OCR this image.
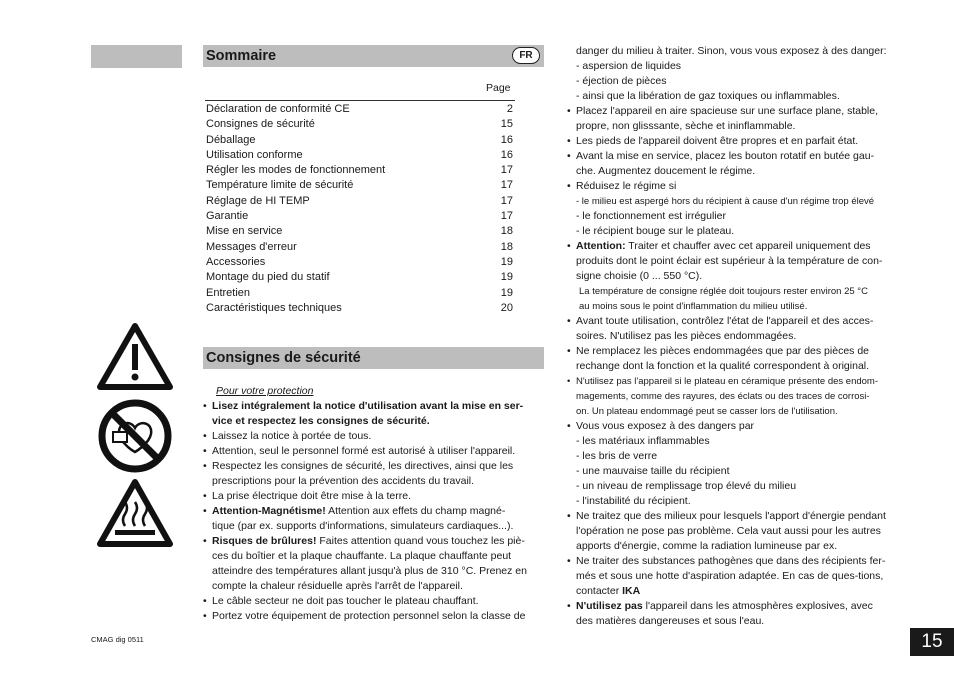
Sommaire	FR
Page
Déclaration de conformité CE	2
Consignes de sécurité	15
Déballage	16
Utilisation conforme	16
Régler les modes de fonctionnement	17
Température limite de sécurité	17
Réglage de HI TEMP	17
Garantie	17
Mise en service	18
Messages d'erreur	18
Accessories	19
Montage du pied du statif	19
Entretien	19
Caractéristiques techniques	20
Consignes de sécurité
Pour votre protection
• Lisez intégralement la notice d'utilisation avant la mise en ser-
vice et respectez les consignes de sécurité.
• Laissez la notice à portée de tous.
• Attention, seul le personnel formé est autorisé à utiliser l'appareil.
• Respectez les consignes de sécurité, les directives, ainsi que les
prescriptions pour la prévention des accidents du travail.
• La prise électrique doit être mise à la terre.
• Attention-Magnétisme! Attention aux effets du champ magné-
tique (par ex. supports d'informations, simulateurs cardiaques...).
• Risques de brûlures! Faites attention quand vous touchez les piè-
ces du boîtier et la plaque chauffante. La plaque chauffante peut
atteindre des températures allant jusqu'à plus de 310 °C. Prenez en
compte la chaleur résiduelle après l'arrêt de l'appareil.
• Le câble secteur ne doit pas toucher le plateau chauffant.
• Portez votre équipement de protection personnel selon la classe de
danger du milieu à traiter. Sinon, vous vous exposez à des danger:
- aspersion de liquides
- éjection de pièces
- ainsi que la libération de gaz toxiques ou inflammables.
• Placez l'appareil en aire spacieuse sur une surface plane, stable,
propre, non glisssante, sèche et ininflammable.
• Les pieds de l'appareil doivent être propres et en parfait état.
• Avant la mise en service, placez les bouton rotatif en butée gau-
che. Augmentez doucement le régime.
• Réduisez le régime si
- le milieu est aspergé hors du récipient à cause d'un régime trop élevé
- le fonctionnement est irrégulier
- le récipient bouge sur le plateau.
• Attention: Traiter et chauffer avec cet appareil uniquement des
produits dont le point éclair est supérieur à la température de con-
signe choisie (0 ... 550 °C).
La température de consigne réglée doit toujours rester environ 25 °C
au moins sous le point d'inflammation du milieu utilisé.
• Avant toute utilisation, contrôlez l'état de l'appareil et des acces-
soires. N'utilisez pas les pièces endommagées.
• Ne remplacez les pièces endommagées que par des pièces de
rechange dont la fonction et la qualité correspondent à original.
• N'utilisez pas l'appareil si le plateau en céramique présente des endom-
magements, comme des rayures, des éclats ou des traces de corrosi-
on. Un plateau endommagé peut se casser lors de l'utilisation.
• Vous vous exposez à des dangers par
- les matériaux inflammables
- les bris de verre
- une mauvaise taille du récipient
- un niveau de remplissage trop élevé du milieu
- l'instabilité du récipient.
• Ne traitez que des milieux pour lesquels l'apport d'énergie pendant
l'opération ne pose pas problème. Cela vaut aussi pour les autres
apports d'énergie, comme la radiation lumineuse par ex.
• Ne traiter des substances pathogènes que dans des récipients fer-
més et sous une hotte d'aspiration adaptée. En cas de ques-tions,
contacter IKA
• N'utilisez pas l'appareil dans les atmosphères explosives, avec
des matières dangereuses et sous l'eau.
CMAG dig 0511	15
